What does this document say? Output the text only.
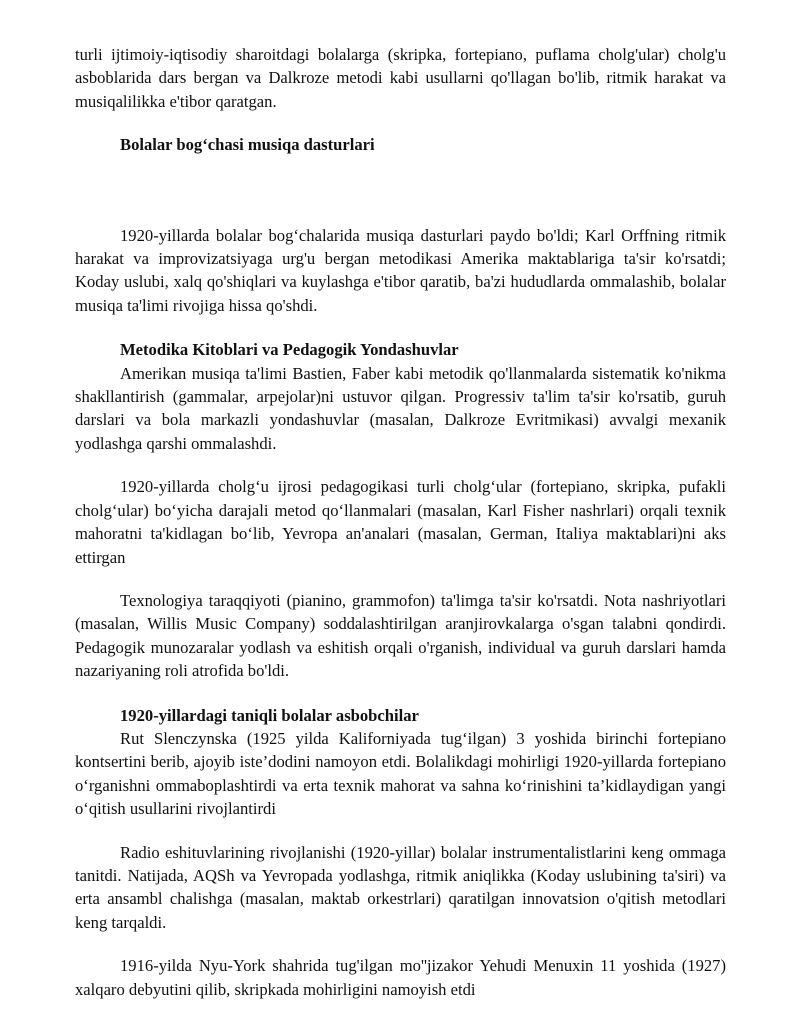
turli ijtimoiy-iqtisodiy sharoitdagi bolalarga (skripka, fortepiano, puflama cholg'ular) cholg'u asboblarida dars bergan va Dalkroze metodi kabi usullarni qo'llagan bo'lib, ritmik harakat va musiqalilikka e'tibor qaratgan.

Bolalar bog‘chasi musiqa dasturlari

1920-yillarda bolalar bog‘chalarida musiqa dasturlari paydo bo'ldi; Karl Orffning ritmik harakat va improvizatsiyaga urg'u bergan metodikasi Amerika maktablariga ta'sir ko'rsatdi; Koday uslubi, xalq qo'shiqlari va kuylashga e'tibor qaratib, ba'zi hududlarda ommalashib, bolalar musiqa ta'limi rivojiga hissa qo'shdi.

Metodika Kitoblari va Pedagogik Yondashuvlar

Amerikan musiqa ta'limi Bastien, Faber kabi metodik qo'llanmalarda sistematik ko'nikma shakllantirish (gammalar, arpejolar)ni ustuvor qilgan. Progressiv ta'lim ta'sir ko'rsatib, guruh darslari va bola markazli yondashuvlar (masalan, Dalkroze Evritmikasi) avvalgi mexanik yodlashga qarshi ommalashdi.

1920-yillarda cholg‘u ijrosi pedagogikasi turli cholg‘ular (fortepiano, skripka, pufakli cholg‘ular) bo‘yicha darajali metod qo‘llanmalari (masalan, Karl Fisher nashrlari) orqali texnik mahoratni ta'kidlagan bo‘lib, Yevropa an'analari (masalan, German, Italiya maktablari)ni aks ettirgan

Texnologiya taraqqiyoti (pianino, grammofon) ta'limga ta'sir ko'rsatdi. Nota nashriyotlari (masalan, Willis Music Company) soddalashtirilgan aranjirovkalarga o'sgan talabni qondirdi. Pedagogik munozaralar yodlash va eshitish orqali o'rganish, individual va guruh darslari hamda nazariyaning roli atrofida bo'ldi.

1920-yillardagi taniqli bolalar asbobchilar

Rut Slenczynska (1925 yilda Kaliforniyada tug‘ilgan) 3 yoshida birinchi fortepiano kontsertini berib, ajoyib iste’dodini namoyon etdi. Bolalikdagi mohirligi 1920-yillarda fortepiano o‘rganishni ommaboplashtirdi va erta texnik mahorat va sahna ko‘rinishini ta’kidlaydigan yangi o‘qitish usullarini rivojlantirdi

Radio eshituvlarining rivojlanishi (1920-yillar) bolalar instrumentalistlarini keng ommaga tanitdi. Natijada, AQSh va Yevropada yodlashga, ritmik aniqlikka (Koday uslubining ta'siri) va erta ansambl chalishga (masalan, maktab orkestrlari) qaratilgan innovatsion o'qitish metodlari keng tarqaldi.

1916-yilda Nyu-York shahrida tug'ilgan mo''jizakor Yehudi Menuxin 11 yoshida (1927) xalqaro debyutini qilib, skripkada mohirligini namoyish etdi
